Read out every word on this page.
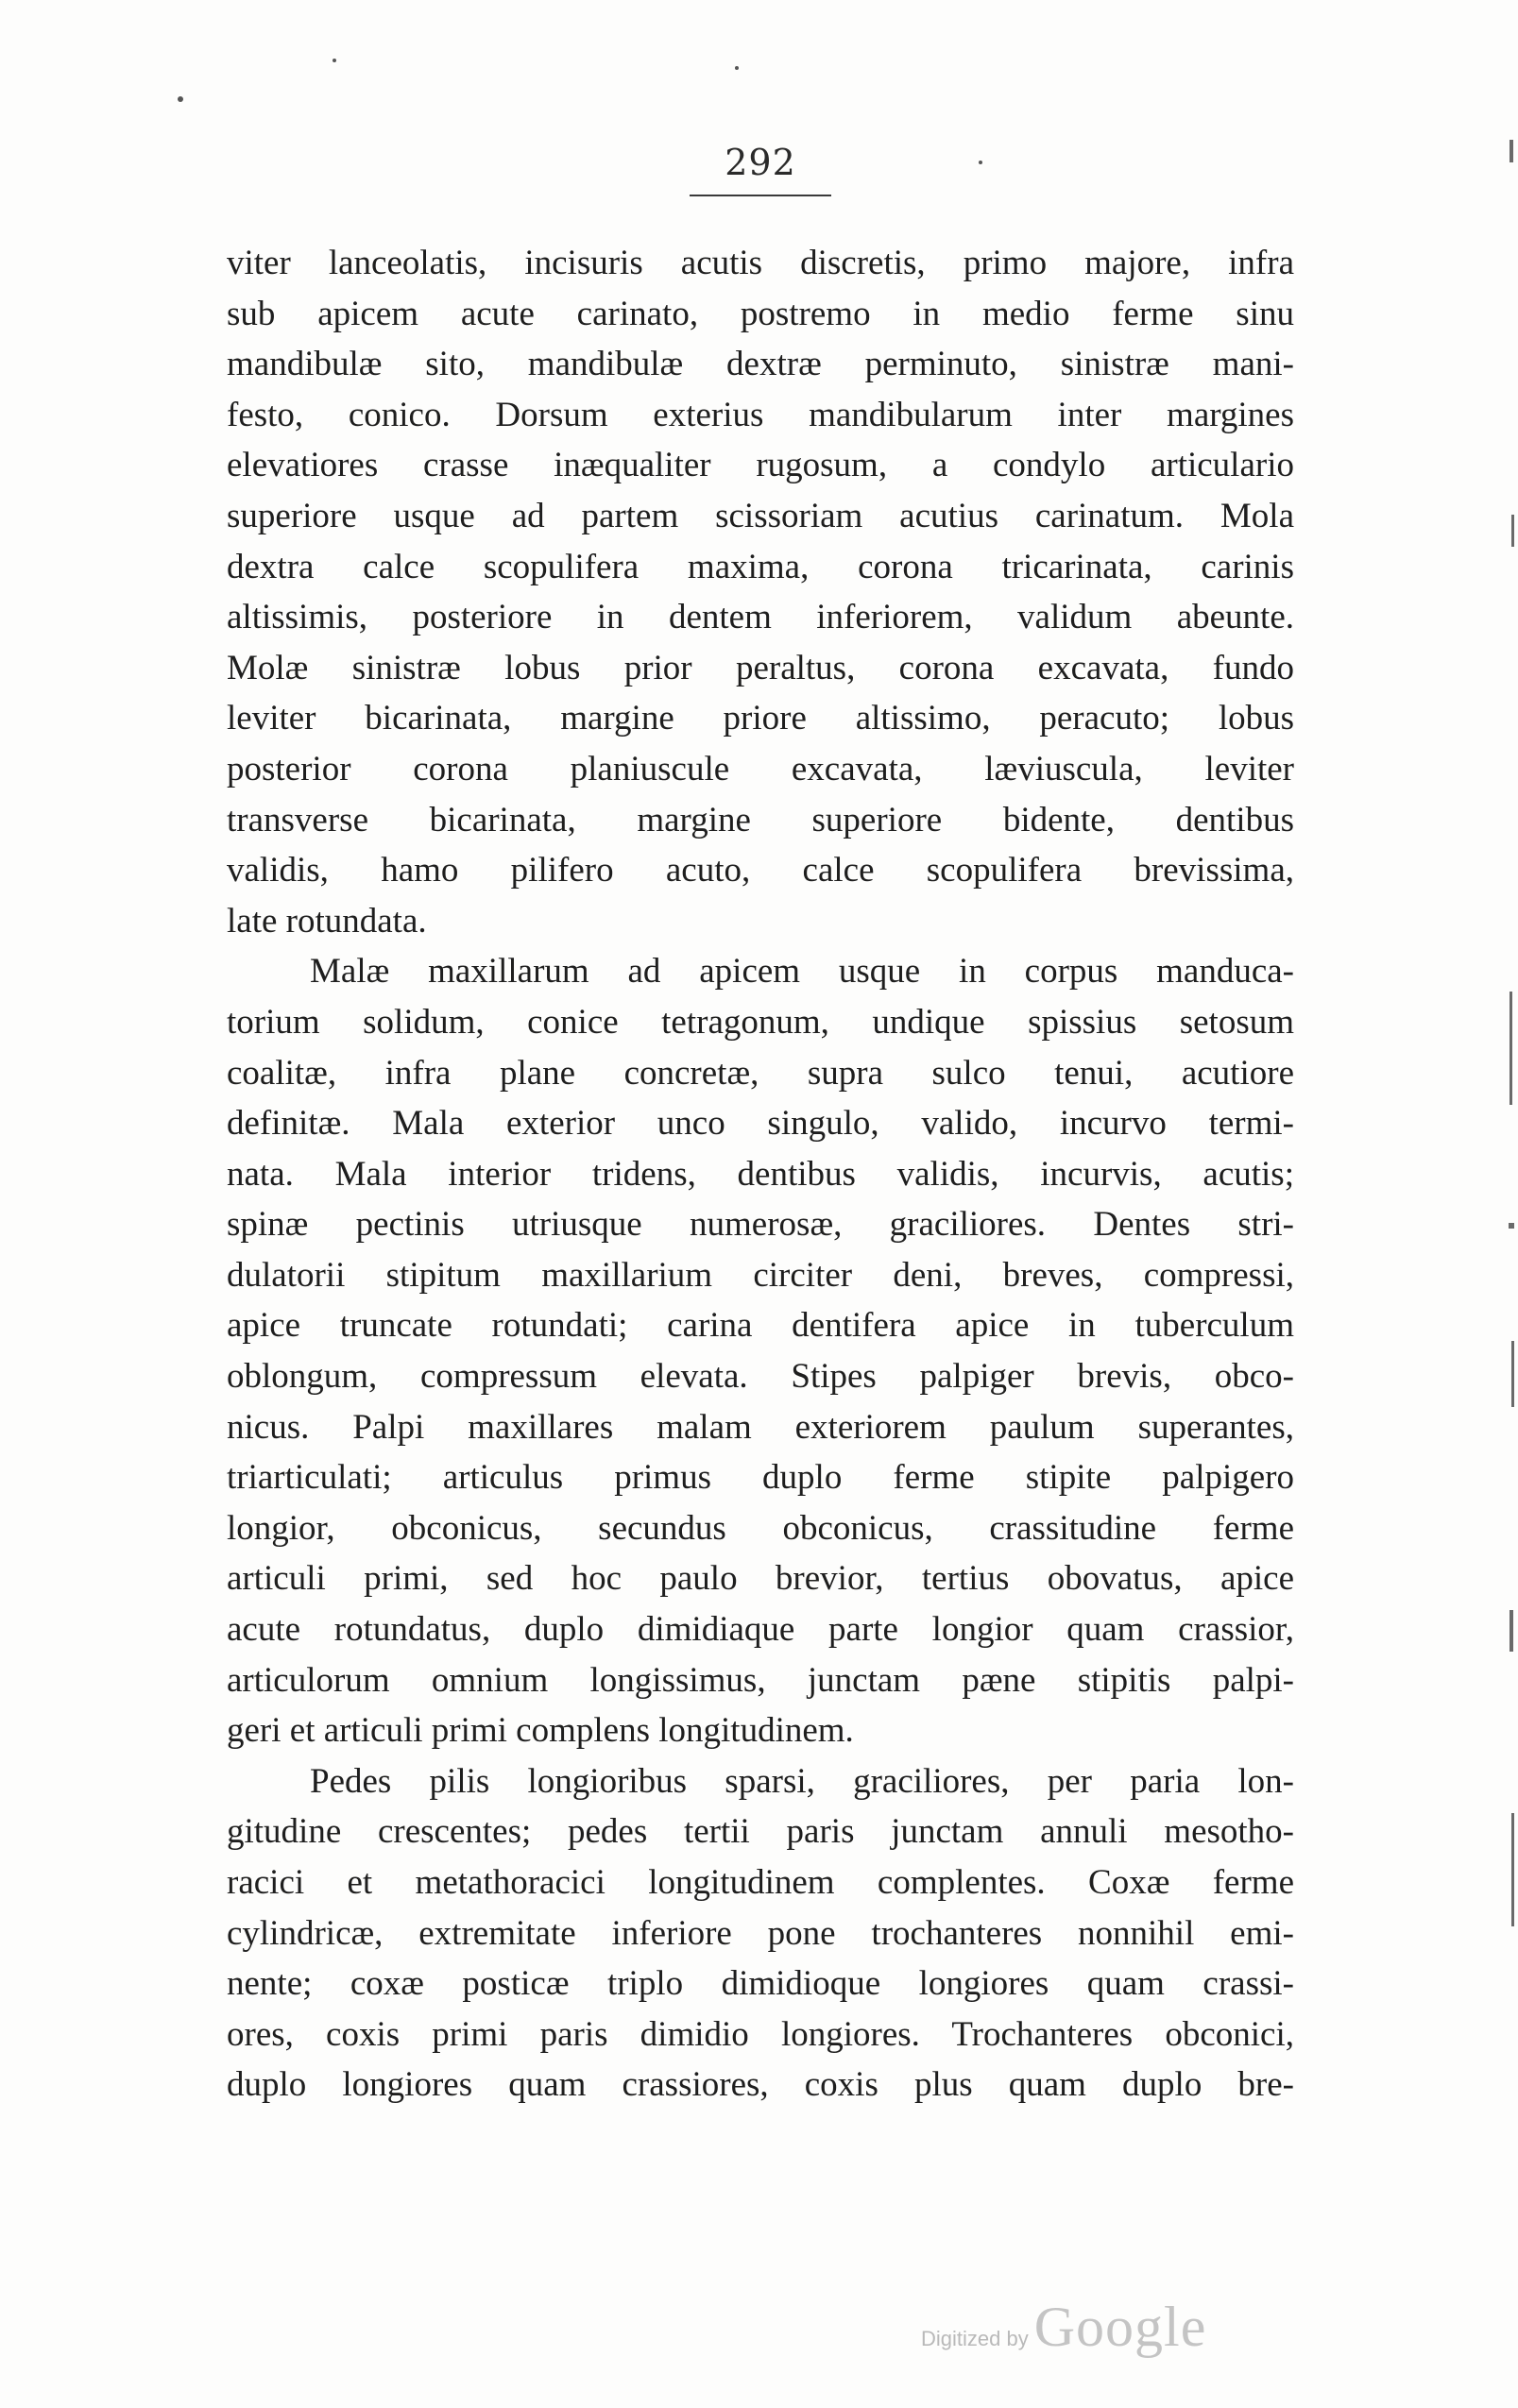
292
viter lanceolatis, incisuris acutis discretis, primo majore, infra
sub apicem acute carinato, postremo in medio ferme sinu
mandibulæ sito, mandibulæ dextræ perminuto, sinistræ mani-
festo, conico. Dorsum exterius mandibularum inter margines
elevatiores crasse inæqualiter rugosum, a condylo articulario
superiore usque ad partem scissoriam acutius carinatum. Mola
dextra calce scopulifera maxima, corona tricarinata, carinis
altissimis, posteriore in dentem inferiorem, validum abeunte.
Molæ sinistræ lobus prior peraltus, corona excavata, fundo
leviter bicarinata, margine priore altissimo, peracuto; lobus
posterior corona planiuscule excavata, læviuscula, leviter
transverse bicarinata, margine superiore bidente, dentibus
validis, hamo pilifero acuto, calce scopulifera brevissima,
late rotundata.
Malæ maxillarum ad apicem usque in corpus manduca-
torium solidum, conice tetragonum, undique spissius setosum
coalitæ, infra plane concretæ, supra sulco tenui, acutiore
definitæ. Mala exterior unco singulo, valido, incurvo termi-
nata. Mala interior tridens, dentibus validis, incurvis, acutis;
spinæ pectinis utriusque numerosæ, graciliores. Dentes stri-
dulatorii stipitum maxillarium circiter deni, breves, compressi,
apice truncate rotundati; carina dentifera apice in tuberculum
oblongum, compressum elevata. Stipes palpiger brevis, obco-
nicus. Palpi maxillares malam exteriorem paulum superantes,
triarticulati; articulus primus duplo ferme stipite palpigero
longior, obconicus, secundus obconicus, crassitudine ferme
articuli primi, sed hoc paulo brevior, tertius obovatus, apice
acute rotundatus, duplo dimidiaque parte longior quam crassior,
articulorum omnium longissimus, junctam pæne stipitis palpi-
geri et articuli primi complens longitudinem.
Pedes pilis longioribus sparsi, graciliores, per paria lon-
gitudine crescentes; pedes tertii paris junctam annuli mesotho-
racici et metathoracici longitudinem complentes. Coxæ ferme
cylindricæ, extremitate inferiore pone trochanteres nonnihil emi-
nente; coxæ posticæ triplo dimidioque longiores quam crassi-
ores, coxis primi paris dimidio longiores. Trochanteres obconici,
duplo longiores quam crassiores, coxis plus quam duplo bre-
Digitized by Google
